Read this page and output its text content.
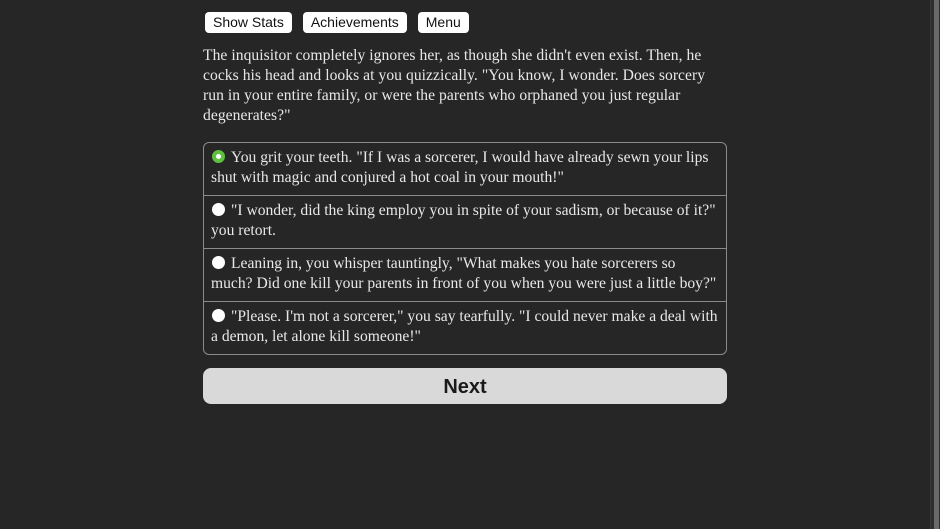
Show Stats	Achievements	Menu
The inquisitor completely ignores her, as though she didn't even exist. Then, he cocks his head and looks at you quizzically. "You know, I wonder. Does sorcery run in your entire family, or were the parents who orphaned you just regular degenerates?"
You grit your teeth. "If I was a sorcerer, I would have already sewn your lips shut with magic and conjured a hot coal in your mouth!"
"I wonder, did the king employ you in spite of your sadism, or because of it?" you retort.
Leaning in, you whisper tauntingly, "What makes you hate sorcerers so much? Did one kill your parents in front of you when you were just a little boy?"
"Please. I'm not a sorcerer," you say tearfully. "I could never make a deal with a demon, let alone kill someone!"
Next
